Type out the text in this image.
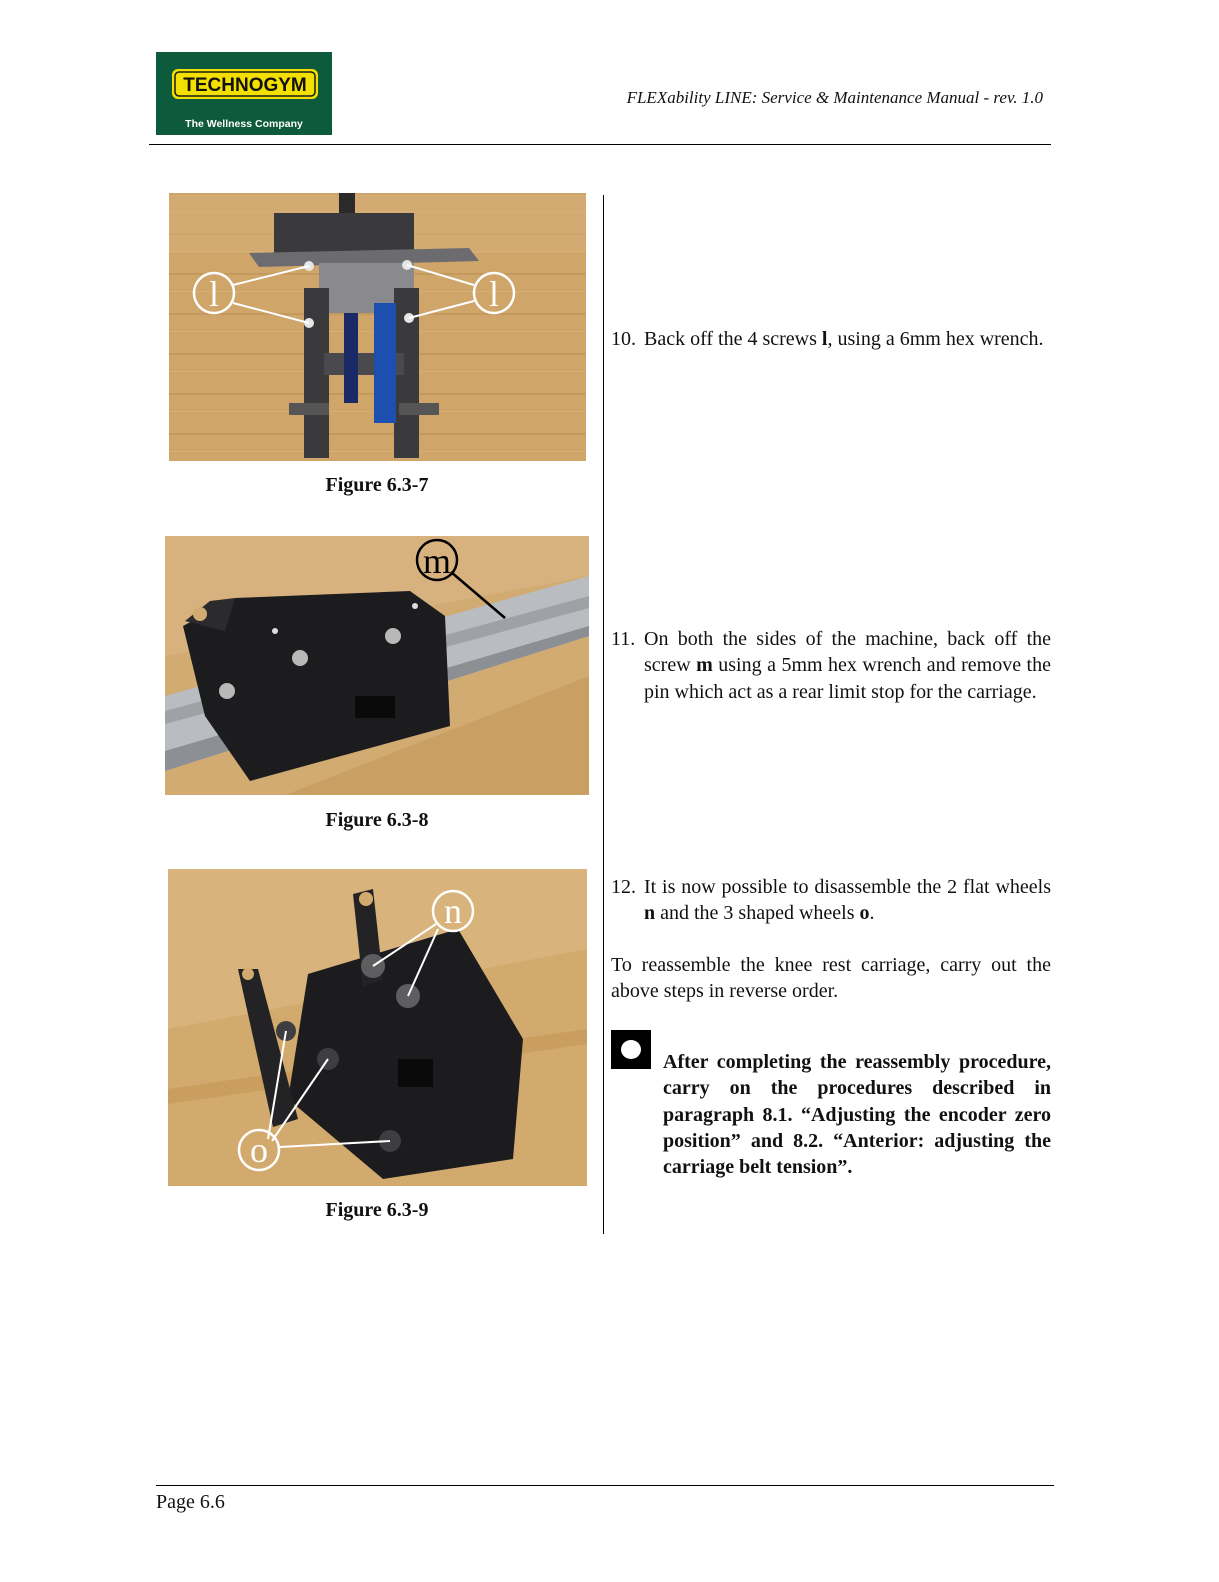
TECHNOGYM
The Wellness Company
FLEXability LINE: Service & Maintenance Manual - rev. 1.0
l	l
Figure 6.3-7
m
Figure 6.3-8
n
o
Figure 6.3-9
10. Back off the 4 screws l, using a 6mm hex wrench.
11. On both the sides of the machine, back off the screw m using a 5mm hex wrench and remove the pin which act as a rear limit stop for the carriage.
12. It is now possible to disassemble the 2 flat wheels n and the 3 shaped wheels o.
To reassemble the knee rest carriage, carry out the above steps in reverse order.
After completing the reassembly procedure, carry on the procedures described in paragraph 8.1. “Adjusting the encoder zero position” and 8.2. “Anterior: adjusting the carriage belt tension”.
Page 6.6
